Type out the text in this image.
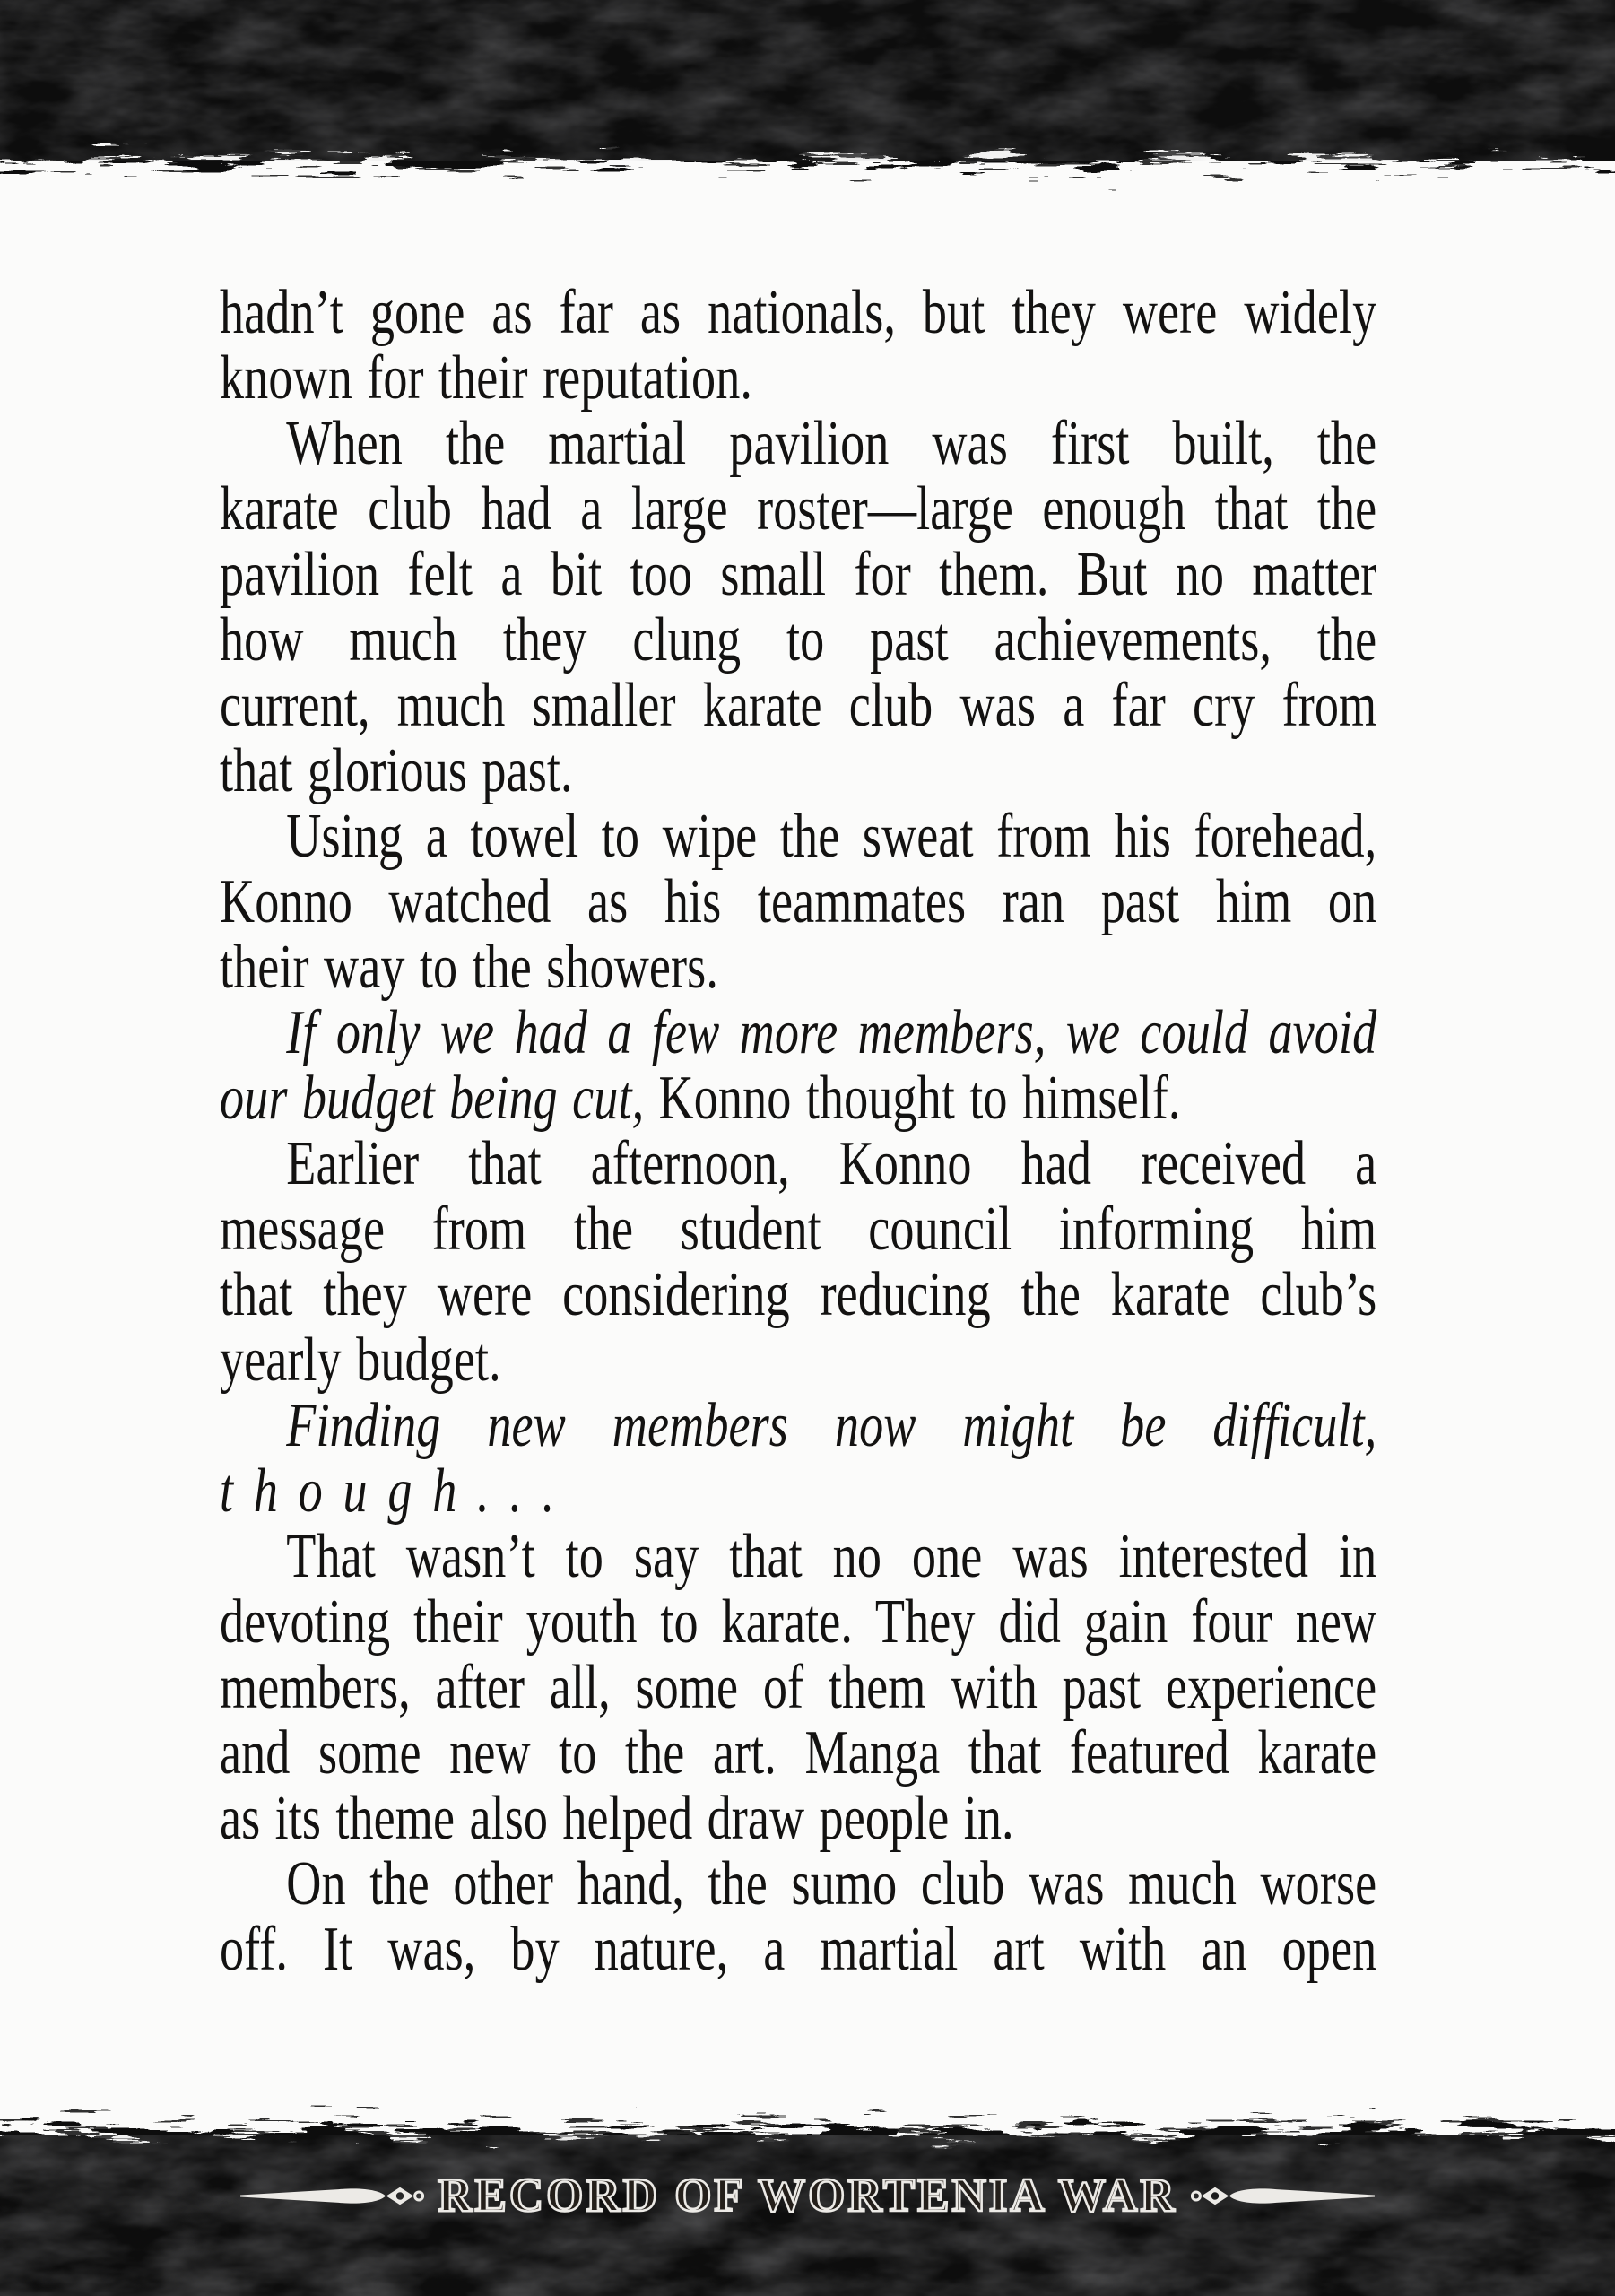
hadn’t gone as far as nationals, but they were widely
known for their reputation.
When the martial pavilion was first built, the
karate club had a large roster—large enough that the
pavilion felt a bit too small for them. But no matter
how much they clung to past achievements, the
current, much smaller karate club was a far cry from
that glorious past.
Using a towel to wipe the sweat from his forehead,
Konno watched as his teammates ran past him on
their way to the showers.
If only we had a few more members, we could avoid
our budget being cut, Konno thought to himself.
Earlier that afternoon, Konno had received a
message from the student council informing him
that they were considering reducing the karate club’s
yearly budget.
Finding new members now might be difficult,
though...
That wasn’t to say that no one was interested in
devoting their youth to karate. They did gain four new
members, after all, some of them with past experience
and some new to the art. Manga that featured karate
as its theme also helped draw people in.
On the other hand, the sumo club was much worse
off. It was, by nature, a martial art with an open
RECORD OF WORTENIA WAR
